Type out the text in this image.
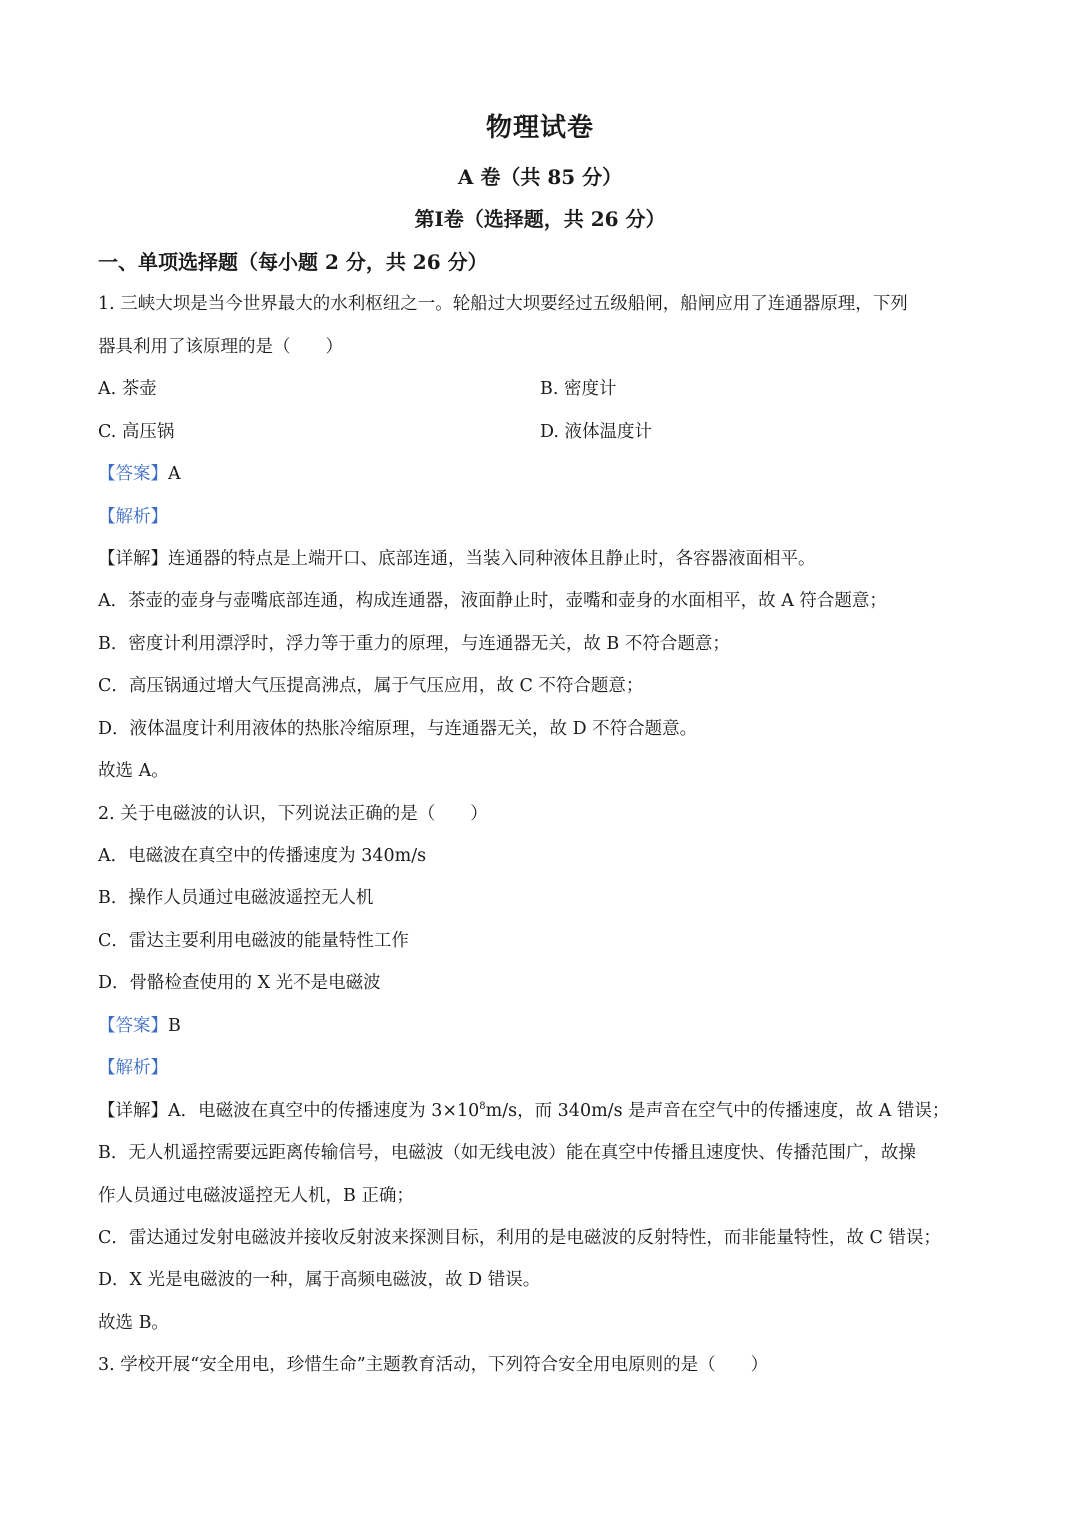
物理试卷
A 卷（共 85 分）
第Ⅰ卷（选择题，共 26 分）
一、单项选择题（每小题 2 分，共 26 分）
1. 三峡大坝是当今世界最大的水利枢纽之一。轮船过大坝要经过五级船闸，船闸应用了连通器原理，下列
器具利用了该原理的是（　　）
A. 茶壶	B. 密度计
C. 高压锅	D. 液体温度计
【答案】A
【解析】
【详解】连通器的特点是上端开口、底部连通，当装入同种液体且静止时，各容器液面相平。
A．茶壶的壶身与壶嘴底部连通，构成连通器，液面静止时，壶嘴和壶身的水面相平，故 A 符合题意；
B．密度计利用漂浮时，浮力等于重力的原理，与连通器无关，故 B 不符合题意；
C．高压锅通过增大气压提高沸点，属于气压应用，故 C 不符合题意；
D．液体温度计利用液体的热胀冷缩原理，与连通器无关，故 D 不符合题意。
故选 A。
2. 关于电磁波的认识，下列说法正确的是（　　）
A．电磁波在真空中的传播速度为 340m/s
B．操作人员通过电磁波遥控无人机
C．雷达主要利用电磁波的能量特性工作
D．骨骼检查使用的 X 光不是电磁波
【答案】B
【解析】
【详解】A．电磁波在真空中的传播速度为 $3\times 10^8m/s$，而 340m/s 是声音在空气中的传播速度，故 A 错误；
B．无人机遥控需要远距离传输信号，电磁波（如无线电波）能在真空中传播且速度快、传播范围广，故操
作人员通过电磁波遥控无人机，B 正确；
C．雷达通过发射电磁波并接收反射波来探测目标，利用的是电磁波的反射特性，而非能量特性，故 C 错误；
D．X 光是电磁波的一种，属于高频电磁波，故 D 错误。
故选 B。
3. 学校开展“安全用电，珍惜生命”主题教育活动，下列符合安全用电原则的是（　　）
